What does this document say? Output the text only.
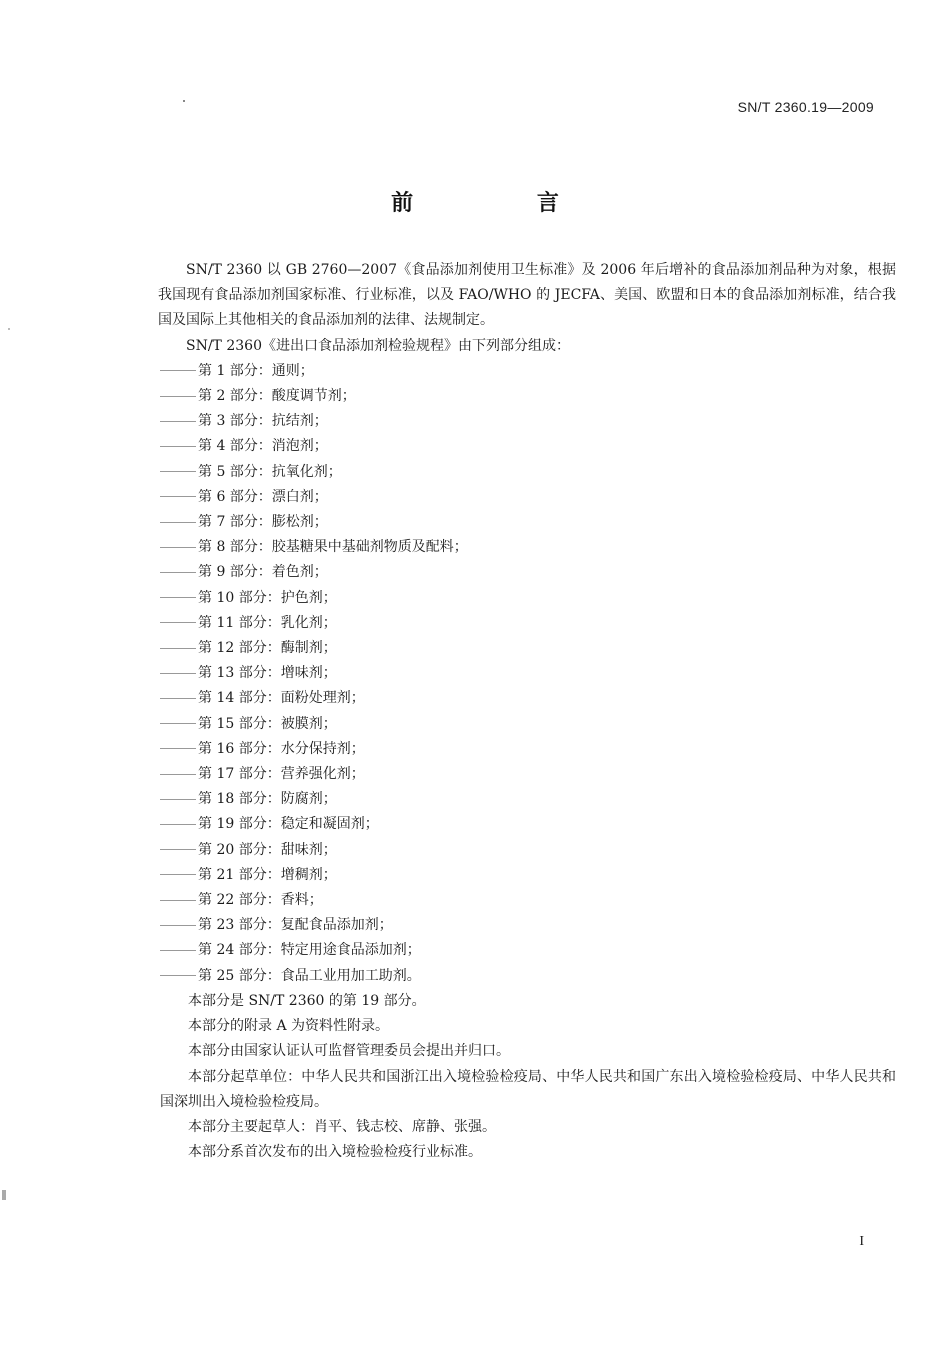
SN/T 2360.19—2009
前 言

SN/T 2360 以 GB 2760—2007《食品添加剂使用卫生标准》及 2006 年后增补的食品添加剂品种为对象，根据我国现有食品添加剂国家标准、行业标准，以及 FAO/WHO 的 JECFA、美国、欧盟和日本的食品添加剂标准，结合我国及国际上其他相关的食品添加剂的法律、法规制定。

SN/T 2360《进出口食品添加剂检验规程》由下列部分组成：

第 1 部分：通则；

第 2 部分：酸度调节剂；

第 3 部分：抗结剂；

第 4 部分：消泡剂；

第 5 部分：抗氧化剂；

第 6 部分：漂白剂；

第 7 部分：膨松剂；

第 8 部分：胶基糖果中基础剂物质及配料；

第 9 部分：着色剂；

第 10 部分：护色剂；

第 11 部分：乳化剂；

第 12 部分：酶制剂；

第 13 部分：增味剂；

第 14 部分：面粉处理剂；

第 15 部分：被膜剂；

第 16 部分：水分保持剂；

第 17 部分：营养强化剂；

第 18 部分：防腐剂；

第 19 部分：稳定和凝固剂；

第 20 部分：甜味剂；

第 21 部分：增稠剂；

第 22 部分：香料；

第 23 部分：复配食品添加剂；

第 24 部分：特定用途食品添加剂；

第 25 部分：食品工业用加工助剂。

本部分是 SN/T 2360 的第 19 部分。

本部分的附录 A 为资料性附录。

本部分由国家认证认可监督管理委员会提出并归口。

本部分起草单位：中华人民共和国浙江出入境检验检疫局、中华人民共和国广东出入境检验检疫局、中华人民共和国深圳出入境检验检疫局。

本部分主要起草人：肖平、钱志校、席静、张强。

本部分系首次发布的出入境检验检疫行业标准。

I
